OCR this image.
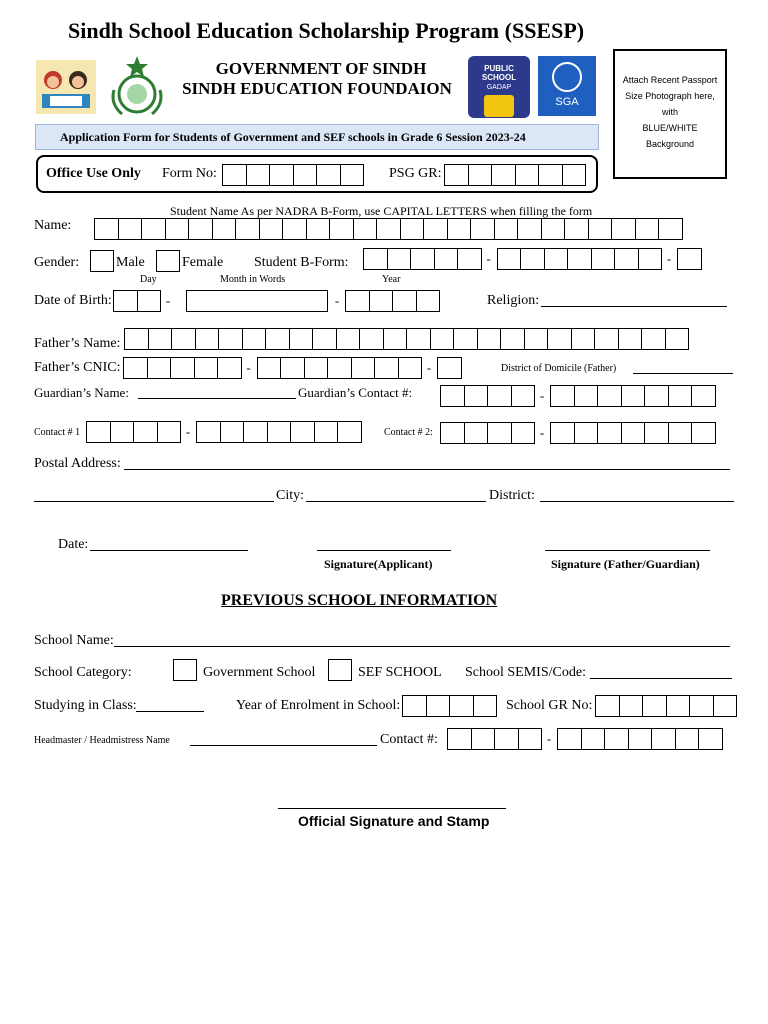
Sindh School Education Scholarship Program (SSESP)
GOVERNMENT OF SINDH
SINDH EDUCATION FOUNDAION
PUBLIC SCHOOL
GADAP
SGA
Attach Recent Passport
Size Photograph here,
with
BLUE/WHITE
Background
Application Form for Students of Government and SEF schools in Grade 6 Session 2023-24
Office Use Only Form No:	PSG GR:
Student Name As per NADRA B-Form, use CAPITAL LETTERS when filling the form
Name:
Gender:	Male	Female Student B-Form:	-	-
Day	Month in Words	Year
Date of Birth:	-	-	Religion:
Father’s Name:
Father’s CNIC:	-	-	District of Domicile (Father)
Guardian’s Name:	Guardian’s Contact #:	-
Contact # 1	-	Contact # 2:	-
Postal Address:
City:	District:
Date:
Signature(Applicant)	Signature (Father/Guardian)
PREVIOUS SCHOOL INFORMATION
School Name:
School Category:	Government School	SEF SCHOOL School SEMIS/Code:
Studying in Class:	Year of Enrolment in School:	School GR No:
Headmaster / Headmistress Name	Contact #:	-
Official Signature and Stamp
